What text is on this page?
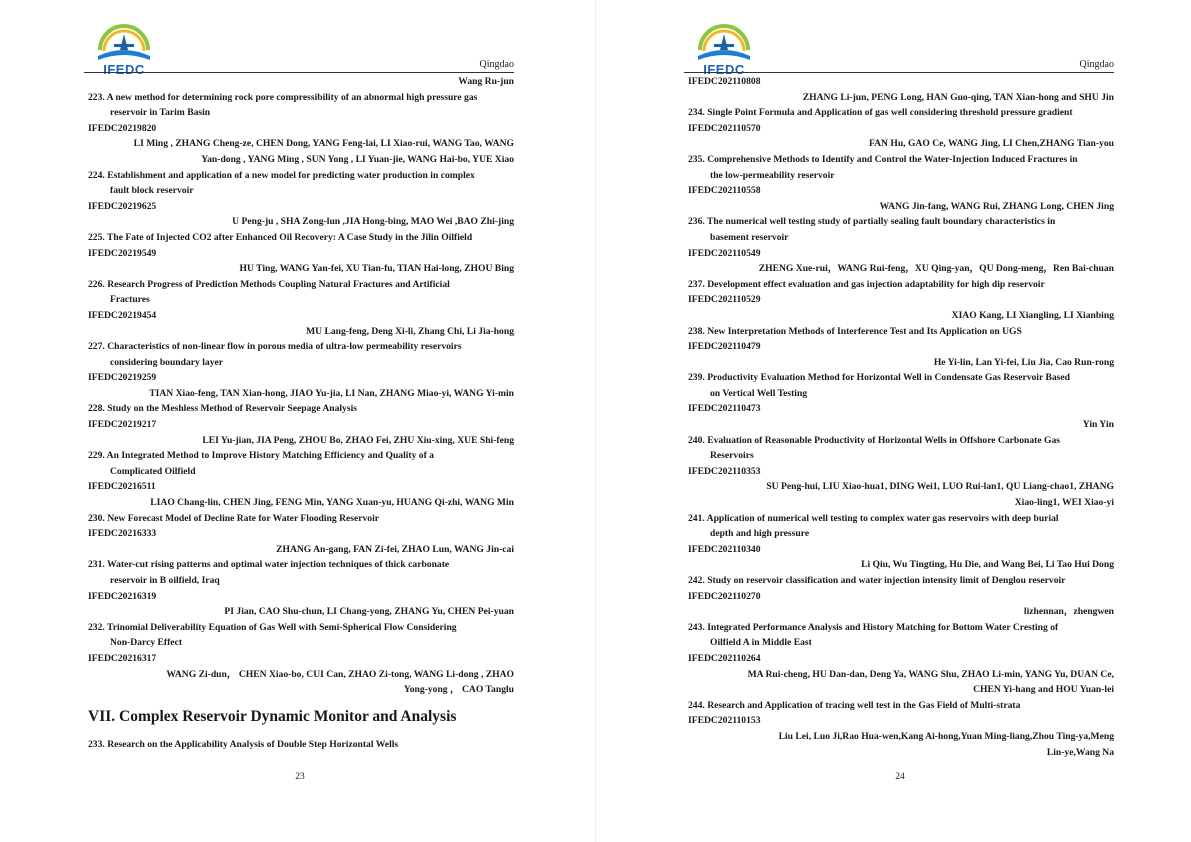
IFEDC	Qingdao
Wang Ru-jun
223. A new method for determining rock pore compressibility of an abnormal high pressure gas
reservoir in Tarim Basin
IFEDC20219820
LI Ming , ZHANG Cheng-ze, CHEN Dong, YANG Feng-lai, LI Xiao-rui, WANG Tao, WANG
Yan-dong , YANG Ming , SUN Yong , LI Yuan-jie, WANG Hai-bo, YUE Xiao
224. Establishment and application of a new model for predicting water production in complex
fault block reservoir
IFEDC20219625
U Peng-ju , SHA Zong-lun ,JIA Hong-bing, MAO Wei ,BAO Zhi-jing
225. The Fate of Injected CO2 after Enhanced Oil Recovery: A Case Study in the Jilin Oilfield
IFEDC20219549
HU Ting, WANG Yan-fei, XU Tian-fu, TIAN Hai-long, ZHOU Bing
226. Research Progress of Prediction Methods Coupling Natural Fractures and Artificial
Fractures
IFEDC20219454
MU Lang-feng, Deng Xi-li, Zhang Chi, Li Jia-hong
227. Characteristics of non-linear flow in porous media of ultra-low permeability reservoirs
considering boundary layer
IFEDC20219259
TIAN Xiao-feng, TAN Xian-hong, JIAO Yu-jia, LI Nan, ZHANG Miao-yi, WANG Yi-min
228. Study on the Meshless Method of Reservoir Seepage Analysis
IFEDC20219217
LEI Yu-jian, JIA Peng, ZHOU Bo, ZHAO Fei, ZHU Xiu-xing, XUE Shi-feng
229. An Integrated Method to Improve History Matching Efficiency and Quality of a
Complicated Oilfield
IFEDC20216511
LIAO Chang-lin, CHEN Jing, FENG Min, YANG Xuan-yu, HUANG Qi-zhi, WANG Min
230. New Forecast Model of Decline Rate for Water Flooding Reservoir
IFEDC20216333
ZHANG An-gang, FAN Zi-fei, ZHAO Lun, WANG Jin-cai
231. Water-cut rising patterns and optimal water injection techniques of thick carbonate
reservoir in B oilfield, Iraq
IFEDC20216319
PI Jian, CAO Shu-chun, LI Chang-yong, ZHANG Yu, CHEN Pei-yuan
232. Trinomial Deliverability Equation of Gas Well with Semi-Spherical Flow Considering
Non-Darcy Effect
IFEDC20216317
WANG Zi-dun， CHEN Xiao-bo, CUI Can, ZHAO Zi-tong, WANG Li-dong , ZHAO
Yong-yong ， CAO Tanglu
VII. Complex Reservoir Dynamic Monitor and Analysis
233. Research on the Applicability Analysis of Double Step Horizontal Wells
23
IFEDC	Qingdao
IFEDC202110808
ZHANG Li-jun, PENG Long, HAN Guo-qing, TAN Xian-hong and SHU Jin
234. Single Point Formula and Application of gas well considering threshold pressure gradient
IFEDC202110570
FAN Hu, GAO Ce, WANG Jing, LI Chen,ZHANG Tian-you
235. Comprehensive Methods to Identify and Control the Water-Injection Induced Fractures in
the low-permeability reservoir
IFEDC202110558
WANG Jin-fang, WANG Rui, ZHANG Long, CHEN Jing
236. The numerical well testing study of partially sealing fault boundary characteristics in
basement reservoir
IFEDC202110549
ZHENG Xue-rui，WANG Rui-feng，XU Qing-yan，QU Dong-meng，Ren Bai-chuan
237. Development effect evaluation and gas injection adaptability for high dip reservoir
IFEDC202110529
XIAO Kang, LI Xiangling, LI Xianbing
238. New Interpretation Methods of Interference Test and Its Application on UGS
IFEDC202110479
He Yi-lin, Lan Yi-fei, Liu Jia, Cao Run-rong
239. Productivity Evaluation Method for Horizontal Well in Condensate Gas Reservoir Based
on Vertical Well Testing
IFEDC202110473
Yin Yin
240. Evaluation of Reasonable Productivity of Horizontal Wells in Offshore Carbonate Gas
Reservoirs
IFEDC202110353
SU Peng-hui, LIU Xiao-hua1, DING Wei1, LUO Rui-lan1, QU Liang-chao1, ZHANG
Xiao-ling1, WEI Xiao-yi
241. Application of numerical well testing to complex water gas reservoirs with deep burial
depth and high pressure
IFEDC202110340
Li Qiu, Wu Tingting, Hu Die, and Wang Bei, Li Tao Hui Dong
242. Study on reservoir classification and water injection intensity limit of Denglou reservoir
IFEDC202110270
lizhennan，zhengwen
243. Integrated Performance Analysis and History Matching for Bottom Water Cresting of
Oilfield A in Middle East
IFEDC202110264
MA Rui-cheng, HU Dan-dan, Deng Ya, WANG Shu, ZHAO Li-min, YANG Yu, DUAN Ce,
CHEN Yi-hang and HOU Yuan-lei
244. Research and Application of tracing well test in the Gas Field of Multi-strata
IFEDC202110153
Liu Lei, Luo Ji,Rao Hua-wen,Kang Ai-hong,Yuan Ming-liang,Zhou Ting-ya,Meng
Lin-ye,Wang Na
24
